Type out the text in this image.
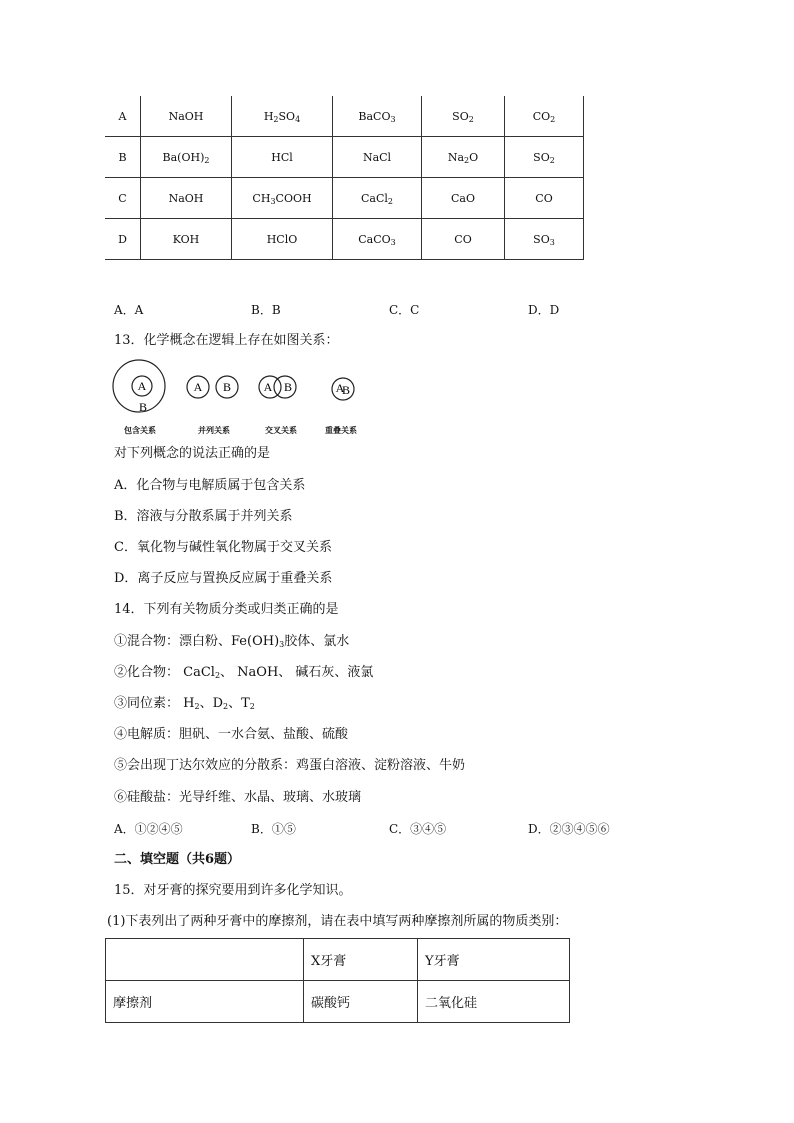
A	NaOH	$H_2SO_4$	BaCO$_3$	$SO_2$	$CO_2$
B	$Ba(OH)_2$	HCl	NaCl	$Na_2O$	$SO_2$
C	NaOH	$CH_3COOH$	CaCl$_2$	CaO	CO
D	KOH	HClO	CaCO$_3$	CO	$SO_3$
A．A	B．B	C．C	D．D
13．化学概念在逻辑上存在如图关系：
A
B
A B	A B	A
B
包含关系	并列关系	交叉关系	重叠关系
对下列概念的说法正确的是
A．化合物与电解质属于包含关系
B．溶液与分散系属于并列关系
C．氧化物与碱性氧化物属于交叉关系
D．离子反应与置换反应属于重叠关系
14．下列有关物质分类或归类正确的是
①混合物：漂白粉、$Fe(OH)_3$胶体、氯水
②化合物： CaCl$_2$、 NaOH、 碱石灰、液氯
③同位素： $H_2$、$D_2$、$T_2$
④电解质：胆矾、一水合氨、盐酸、硫酸
⑤会出现丁达尔效应的分散系：鸡蛋白溶液、淀粉溶液、牛奶
⑥硅酸盐：光导纤维、水晶、玻璃、水玻璃
A．①②④⑤	B．①⑤	C．③④⑤	D．②③④⑤⑥
二、填空题（共6题）
15．对牙膏的探究要用到许多化学知识。
(1)下表列出了两种牙膏中的摩擦剂，请在表中填写两种摩擦剂所属的物质类别：
	X牙膏	Y牙膏
摩擦剂	碳酸钙	二氧化硅
